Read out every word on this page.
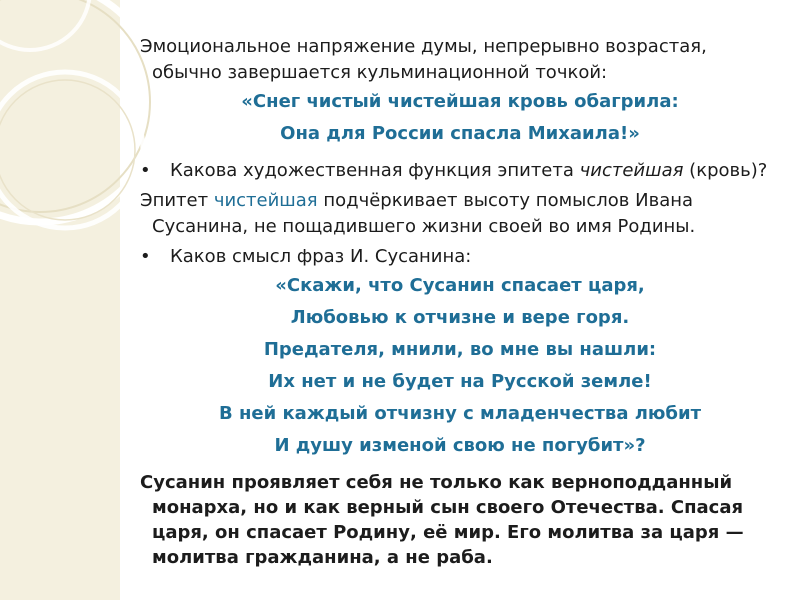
Эмоциональное напряжение думы, непрерывно возрастая, обычно завершается кульминационной точкой:

«Снег чистый чистейшая кровь обагрила:
Она для России спасла Михаила!»

• Какова художественная функция эпитета чистейшая (кровь)?

Эпитет чистейшая подчёркивает высоту помыслов Ивана Сусанина, не пощадившего жизни своей во имя Родины.

• Каков смысл фраз И. Сусанина:

«Скажи, что Сусанин спасает царя,
Любовью к отчизне и вере горя.
Предателя, мнили, во мне вы нашли:
Их нет и не будет на Русской земле!
В ней каждый отчизну с младенчества любит
И душу изменой свою не погубит»?

Сусанин проявляет себя не только как верноподданный монарха, но и как верный сын своего Отечества. Спасая царя, он спасает Родину, её мир. Его молитва за царя — молитва гражданина, а не раба.
